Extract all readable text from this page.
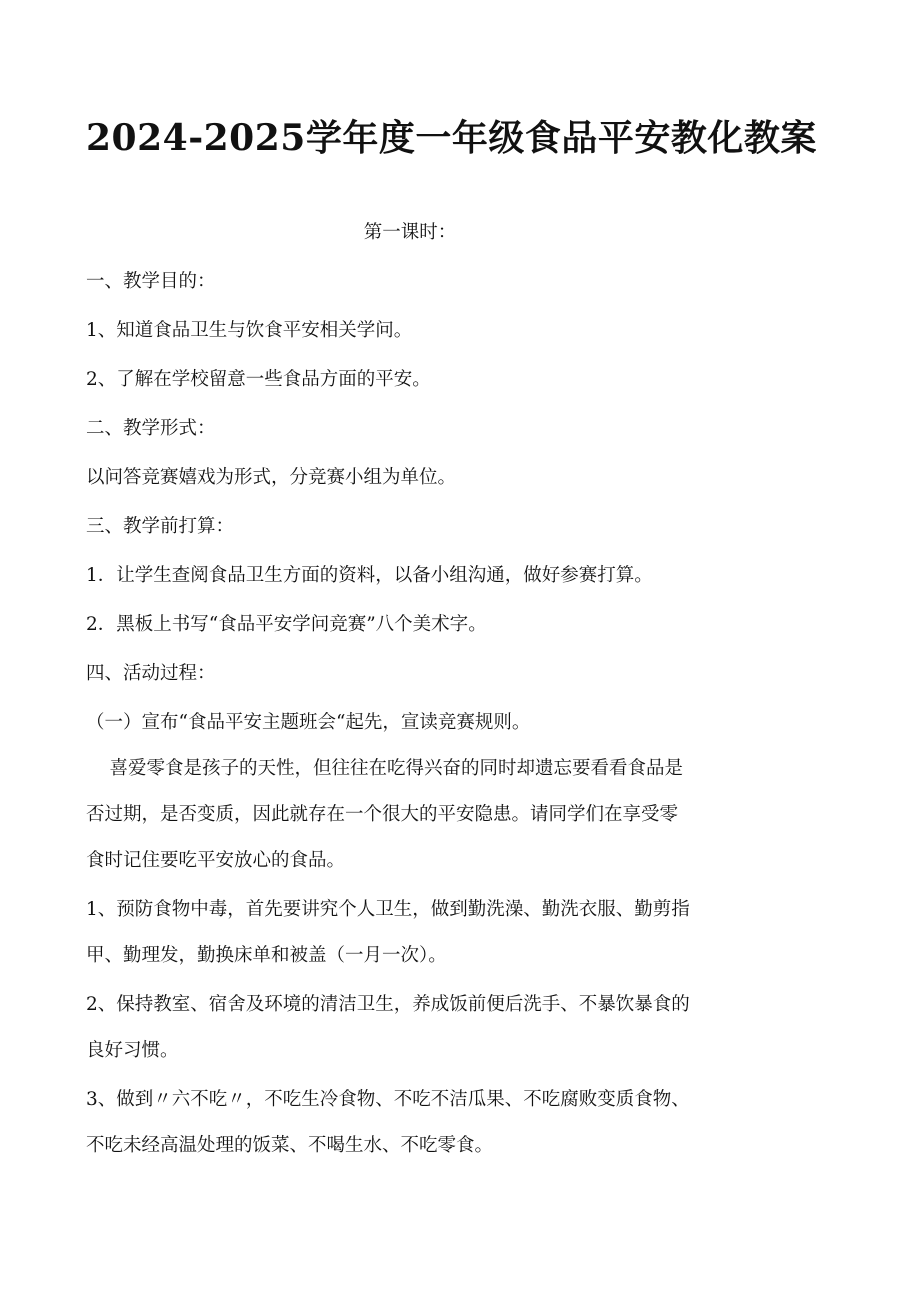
2024-2025学年度一年级食品平安教化教案
第一课时：
一、教学目的：
1、知道食品卫生与饮食平安相关学问。
2、了解在学校留意一些食品方面的平安。
二、教学形式：
以问答竞赛嬉戏为形式，分竞赛小组为单位。
三、教学前打算：
1．让学生查阅食品卫生方面的资料，以备小组沟通，做好参赛打算。
2．黑板上书写“食品平安学问竞赛”八个美术字。
四、活动过程：
（一）宣布“食品平安主题班会“起先，宣读竞赛规则。
喜爱零食是孩子的天性，但往往在吃得兴奋的同时却遗忘要看看食品是
否过期，是否变质，因此就存在一个很大的平安隐患。请同学们在享受零
食时记住要吃平安放心的食品。
1、预防食物中毒，首先要讲究个人卫生，做到勤洗澡、勤洗衣服、勤剪指
甲、勤理发，勤换床单和被盖（一月一次）。
2、保持教室、宿舍及环境的清洁卫生，养成饭前便后洗手、不暴饮暴食的
良好习惯。
3、做到〃六不吃〃，不吃生冷食物、不吃不洁瓜果、不吃腐败变质食物、
不吃未经高温处理的饭菜、不喝生水、不吃零食。
